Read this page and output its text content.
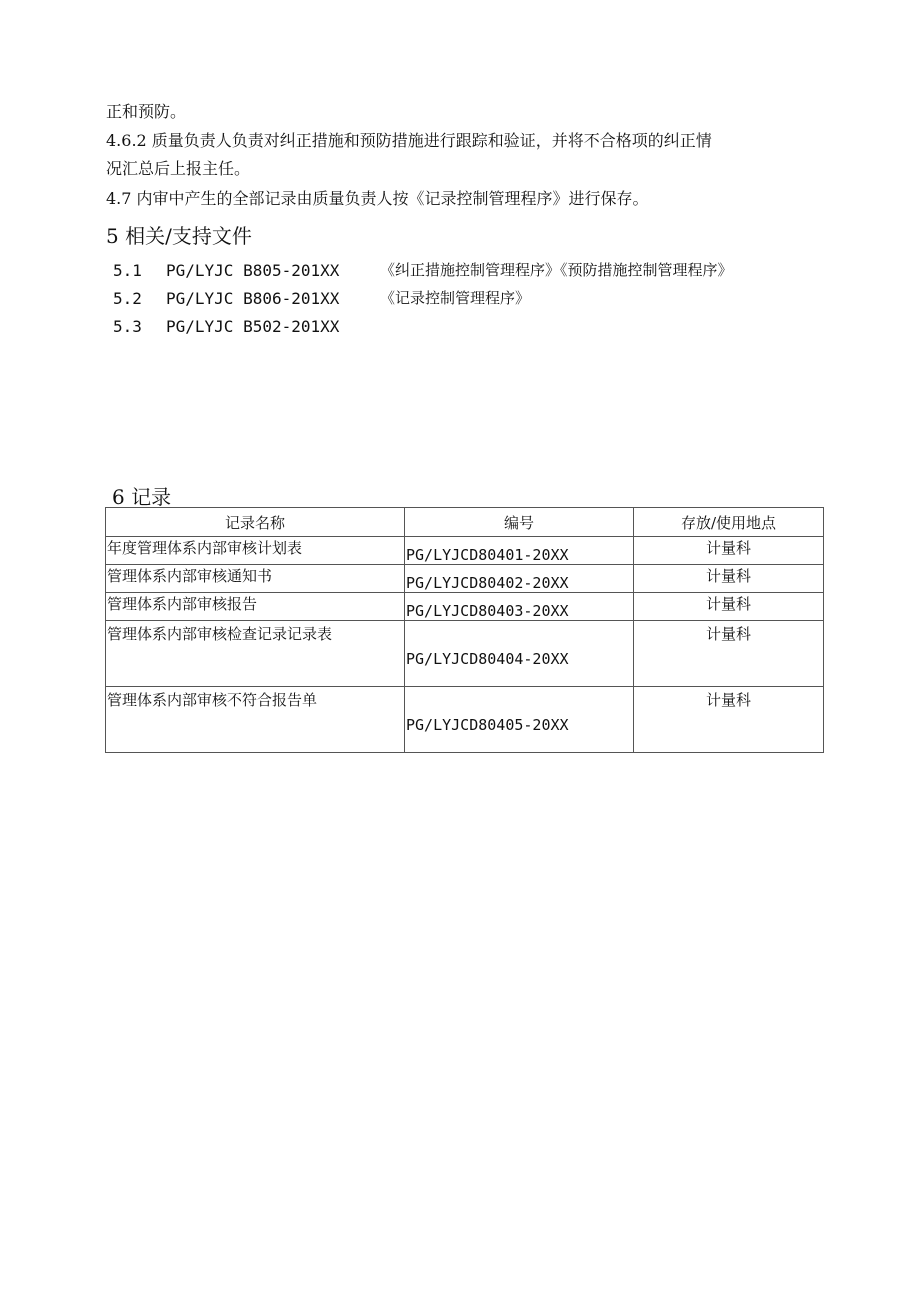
正和预防。
4.6.2 质量负责人负责对纠正措施和预防措施进行跟踪和验证，并将不合格项的纠正情
况汇总后上报主任。
4.7 内审中产生的全部记录由质量负责人按《记录控制管理程序》进行保存。
5 相关/支持文件
5.1 PG/LYJC B805-201XX	《纠正措施控制管理程序》《预防措施控制管理程序》
5.2 PG/LYJC B806-201XX	《记录控制管理程序》
5.3 PG/LYJC B502-201XX
6 记录
记录名称	编号	存放/使用地点
年度管理体系内部审核计划表	PG/LYJCD80401-20XX	计量科
管理体系内部审核通知书	PG/LYJCD80402-20XX	计量科
管理体系内部审核报告	PG/LYJCD80403-20XX	计量科
管理体系内部审核检查记录记录表	PG/LYJCD80404-20XX	计量科
管理体系内部审核不符合报告单	PG/LYJCD80405-20XX	计量科
